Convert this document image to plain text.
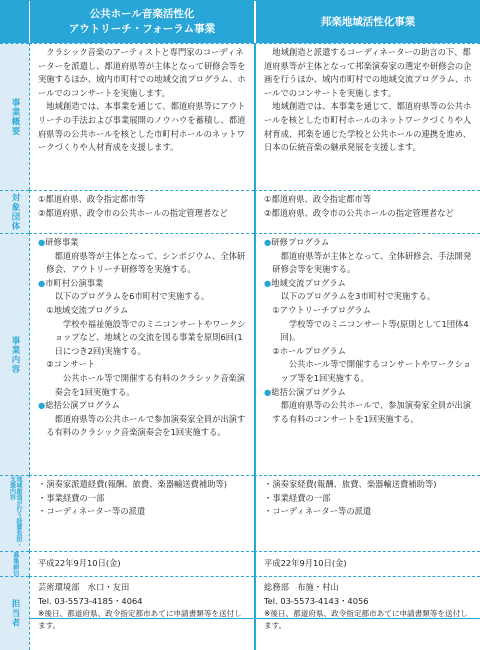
公共ホール音楽活性化
アウトリーチ・フォーラム事業
邦楽地域活性化事業
事業概要

クラシック音楽のアーティストと専門家のコーディネーターを派遣し、都道府県等が主体となって研修会等を実施するほか、域内市町村での地域交流プログラム、ホールでのコンサートを実施します。

地域創造では、本事業を通じて、都道府県等にアウトリーチの手法および事業展開のノウハウを蓄積し、都道府県等の公共ホールを核とした市町村ホールのネットワークづくりや人材育成を支援します。

地域創造と派遣するコーディネーターの助言の下、都道府県等が主体となって邦楽演奏家の選定や研修会の企画を行うほか、域内市町村での地域交流プログラム、ホールでのコンサートを実施します。

地域創造では、本事業を通じて、都道府県等の公共ホールを核とした市町村ホールのネットワークづくりや人材育成、邦楽を通じた学校と公共ホールの連携を進め、日本の伝統音楽の継承発展を支援します。

対象団体 ①都道府県、政令指定都市等

②都道府県、政令市の公共ホールの指定管理者など

①都道府県、政令指定都市等

②都道府県、政令市の公共ホールの指定管理者など

事業内容

●研修事業

都道府県等が主体となって、シンポジウム、全体研修会、アウトリーチ研修等を実施する。

●市町村公演事業

以下のプログラムを6市町村で実施する。

①地域交流プログラム

学校や福祉施設等でのミニコンサートやワークショップなど、地域との交流を図る事業を原則6回(1日につき2回)実施する。

②コンサート

公共ホール等で開催する有料のクラシック音楽演奏会を1回実施する。

●総括公演プログラム

都道府県等の公共ホールで参加演奏家全員が出演する有料のクラシック音楽演奏会を1回実施する。

●研修プログラム

都道府県等が主体となって、全体研修会、手法開発研修会等を実施する。

●地域交流プログラム

以下のプログラムを3市町村で実施する。

①アウトリーチプログラム

学校等でのミニコンサート等(原則として1団体4回)。

②ホールプログラム

公共ホール等で開催するコンサートやワークショップ等を1回実施する。

●総括公演プログラム

都道府県等の公共ホールで、参加演奏家全員が出演する有料のコンサートを1回実施する。

地域創造が行う経費負担・支援内容	・演奏家派遣経費(報酬、旅費、楽器輸送費補助等)

・事業経費の一部

・コーディネーター等の派遣

・演奏家経費(報酬、旅費、楽器輸送費補助等)

・事業経費の一部

・コーディネーター等の派遣

募集締切 平成22年9月10日(金)	平成22年9月10日(金)
担当者

芸術環境部　水口・友田

Tel. 03-5573-4185・4064

※後日、都道府県、政令指定都市あてに申請書類等を送付します。

総務部　布施・村山

Tel. 03-5573-4143・4056

※後日、都道府県、政令指定都市あてに申請書類等を送付します。
